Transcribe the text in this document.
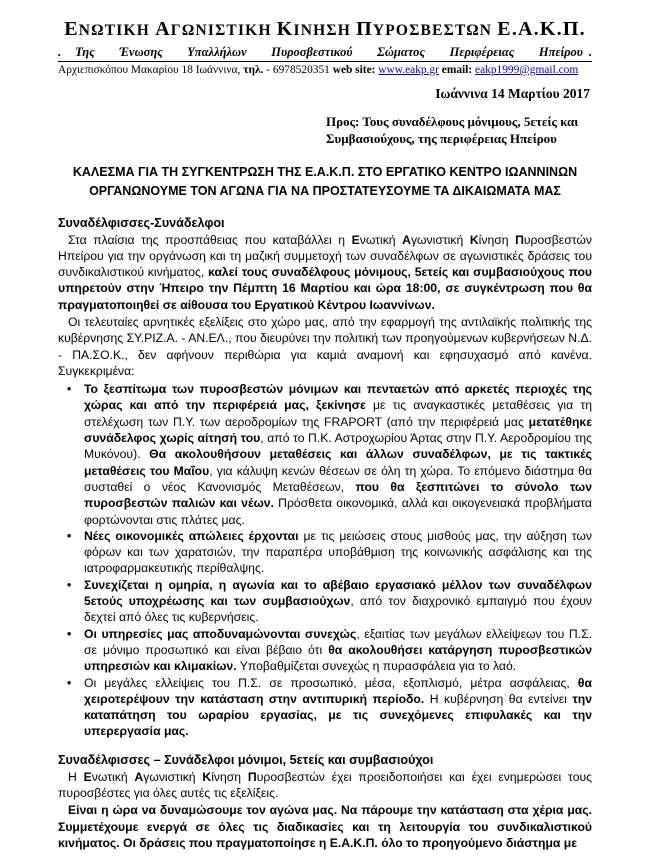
ΕΝΩΤΙΚΗ ΑΓΩΝΙΣΤΙΚΗ ΚΙΝΗΣΗ ΠΥΡΟΣΒΕΣΤΩΝ Ε.Α.Κ.Π.
.	Της Ένωσης Υπαλλήλων Πυροσβεστικού Σώματος Περιφέρειας Ηπείρου .
Αρχιεπισκόπου Μακαρίου 18 Ιωάννινα, τηλ. - 6978520351 web site: www.eakp.gr email: eakp1999@gmail.com
Ιωάννινα 14 Μαρτίου 2017
Προς: Τους συναδέλφους μόνιμους, 5ετείς και
Συμβασιούχους, της περιφέρειας Ηπείρου
ΚΑΛΕΣΜΑ ΓΙΑ ΤΗ ΣΥΓΚΕΝΤΡΩΣΗ ΤΗΣ Ε.Α.Κ.Π. ΣΤΟ ΕΡΓΑΤΙΚΟ ΚΕΝΤΡΟ ΙΩΑΝΝΙΝΩΝ
ΟΡΓΑΝΩΝΟΥΜΕ ΤΟΝ ΑΓΩΝΑ ΓΙΑ ΝΑ ΠΡΟΣΤΑΤΕΥΣΟΥΜΕ ΤΑ ΔΙΚΑΙΩΜΑΤΑ ΜΑΣ
Συναδέλφισσες-Συνάδελφοι

Στα πλαίσια της προσπάθειας που καταβάλλει η Ενωτική Αγωνιστική Κίνηση Πυροσβεστών Ηπείρου για την οργάνωση και τη μαζική συμμετοχή των συναδέλφων σε αγωνιστικές δράσεις του συνδικαλιστικού κινήματος, καλεί τους συναδέλφους μόνιμους, 5ετείς και συμβασιούχους που υπηρετούν στην Ήπειρο την Πέμπτη 16 Μαρτίου και ώρα 18:00, σε συγκέντρωση που θα πραγματοποιηθεί σε αίθουσα του Εργατικού Κέντρου Ιωαννίνων.

Οι τελευταίες αρνητικές εξελίξεις στο χώρο μας, από την εφαρμογή της αντιλαϊκής πολιτικής της κυβέρνησης ΣΥ.ΡΙΖ.Α. - ΑΝ.ΕΛ., που διευρύνει την πολιτική των προηγούμενων κυβερνήσεων Ν.Δ. - ΠΑ.ΣΟ.Κ., δεν αφήνουν περιθώρια για καμιά αναμονή και εφησυχασμό από κανένα. Συγκεκριμένα:

• Το ξεσπίτωμα των πυροσβεστών μόνιμων και πενταετών από αρκετές περιοχές της χώρας και από την περιφέρειά μας, ξεκίνησε με τις αναγκαστικές μεταθέσεις για τη στελέχωση των Π.Υ. των αεροδρομίων της FRAPORT (από την περιφέρειά μας μετατέθηκε συνάδελφος χωρίς αίτησή του, από το Π.Κ. Αστροχωρίου Άρτας στην Π.Υ. Αεροδρομίου της Μυκόνου). Θα ακολουθήσουν μεταθέσεις και άλλων συναδέλφων, με τις τακτικές μεταθέσεις του Μαΐου, για κάλυψη κενών θέσεων σε όλη τη χώρα. Το επόμενο διάστημα θα συσταθεί ο νέος Κανονισμός Μεταθέσεων, που θα ξεσπιτώνει το σύνολο των πυροσβεστών παλιών και νέων. Πρόσθετα οικονομικά, αλλά και οικογενειακά προβλήματα φορτώνονται στις πλάτες μας.
• Νέες οικονομικές απώλειες έρχονται με τις μειώσεις στους μισθούς μας, την αύξηση των φόρων και των χαρατσιών, την παραπέρα υποβάθμιση της κοινωνικής ασφάλισης και της ιατροφαρμακευτικής περίθαλψης.
• Συνεχίζεται η ομηρία, η αγωνία και το αβέβαιο εργασιακό μέλλον των συναδέλφων 5ετούς υποχρέωσης και των συμβασιούχων, από τον διαχρονικό εμπαιγμό που έχουν δεχτεί από όλες τις κυβερνήσεις.
• Οι υπηρεσίες μας αποδυναμώνονται συνεχώς, εξαιτίας των μεγάλων ελλείψεων του Π.Σ. σε μόνιμο προσωπικό και είναι βέβαιο ότι θα ακολουθήσει κατάργηση πυροσβεστικών υπηρεσιών και κλιμακίων. Υποβαθμίζεται συνεχώς η πυρασφάλεια για το λαό.
• Οι μεγάλες ελλείψεις του Π.Σ. σε προσωπικό, μέσα, εξοπλισμό, μέτρα ασφάλειας, θα χειροτερέψουν την κατάσταση στην αντιπυρική περίοδο. Η κυβέρνηση θα εντείνει την καταπάτηση του ωραρίου εργασίας, με τις συνεχόμενες επιφυλακές και την υπερεργασία μας.
Συναδέλφισσες – Συνάδελφοι μόνιμοι, 5ετείς και συμβασιούχοι

Η Ενωτική Αγωνιστική Κίνηση Πυροσβεστών έχει προειδοποιήσει και έχει ενημερώσει τους πυροσβέστες για όλες αυτές τις εξελίξεις.

Είναι η ώρα να δυναμώσουμε τον αγώνα μας. Να πάρουμε την κατάσταση στα χέρια μας. Συμμετέχουμε ενεργά σε όλες τις διαδικασίες και τη λειτουργία του συνδικαλιστικού κινήματος. Οι δράσεις που πραγματοποίησε η Ε.Α.Κ.Π. όλο το προηγούμενο διάστημα με
